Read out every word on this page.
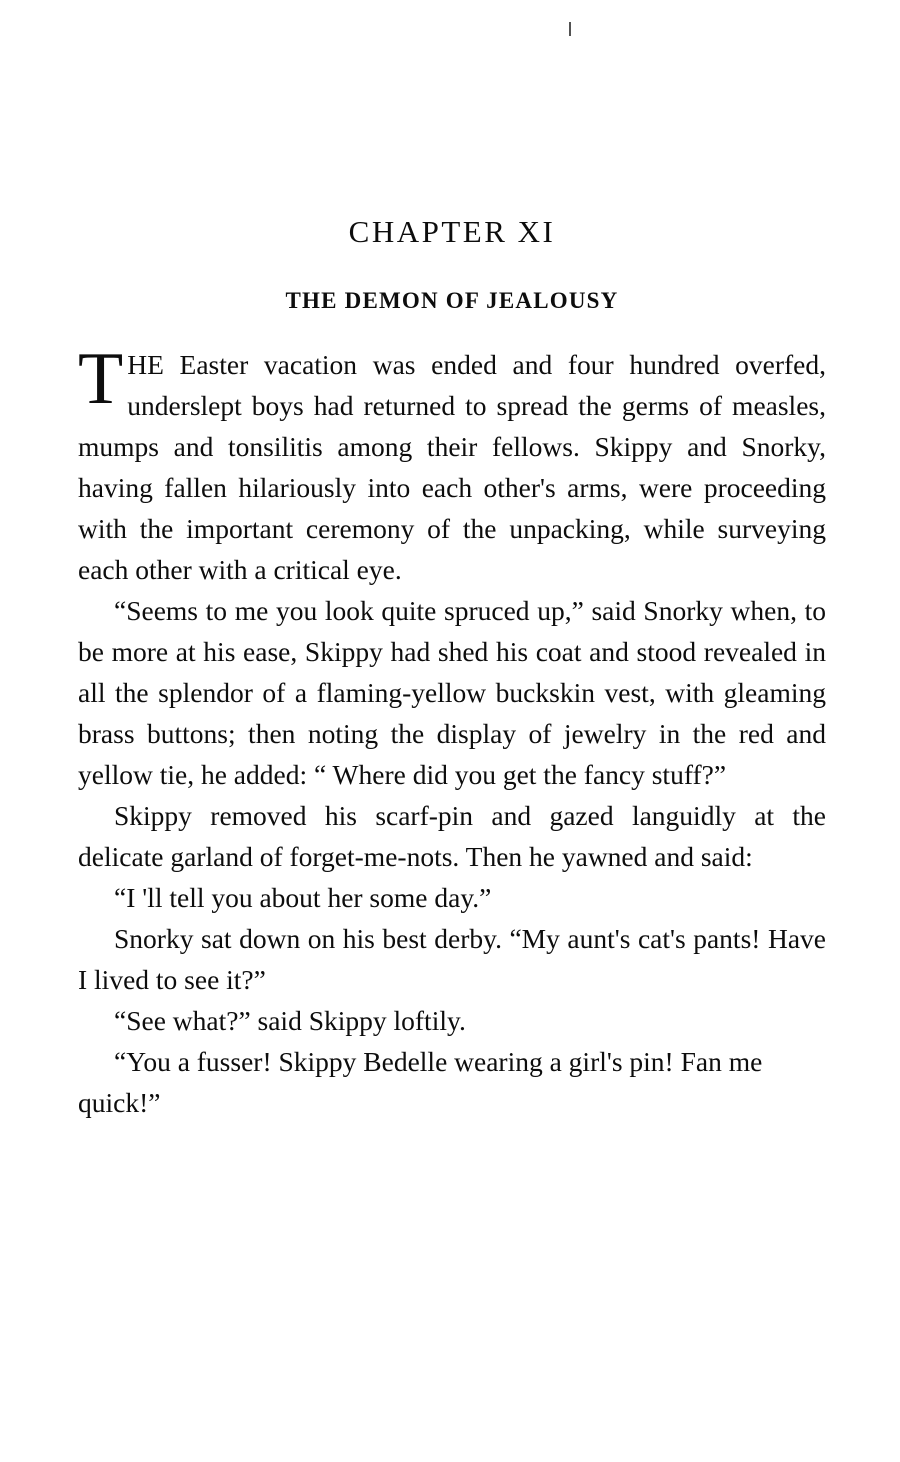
CHAPTER XI
THE DEMON OF JEALOUSY

THE Easter vacation was ended and four hundred overfed, underslept boys had returned to spread the germs of measles, mumps and tonsilitis among their fellows. Skippy and Snorky, having fallen hilariously into each other's arms, were proceeding with the important ceremony of the unpacking, while surveying each other with a critical eye.

“Seems to me you look quite spruced up,” said Snorky when, to be more at his ease, Skippy had shed his coat and stood revealed in all the splendor of a flaming-yellow buckskin vest, with gleaming brass buttons; then noting the display of jewelry in the red and yellow tie, he added: “ Where did you get the fancy stuff?”

Skippy removed his scarf-pin and gazed languidly at the delicate garland of forget-me-nots. Then he yawned and said:

“I 'll tell you about her some day.”

Snorky sat down on his best derby. “My aunt's cat's pants! Have I lived to see it?”

“See what?” said Skippy loftily.

“You a fusser! Skippy Bedelle wearing a girl's pin! Fan me quick!”
